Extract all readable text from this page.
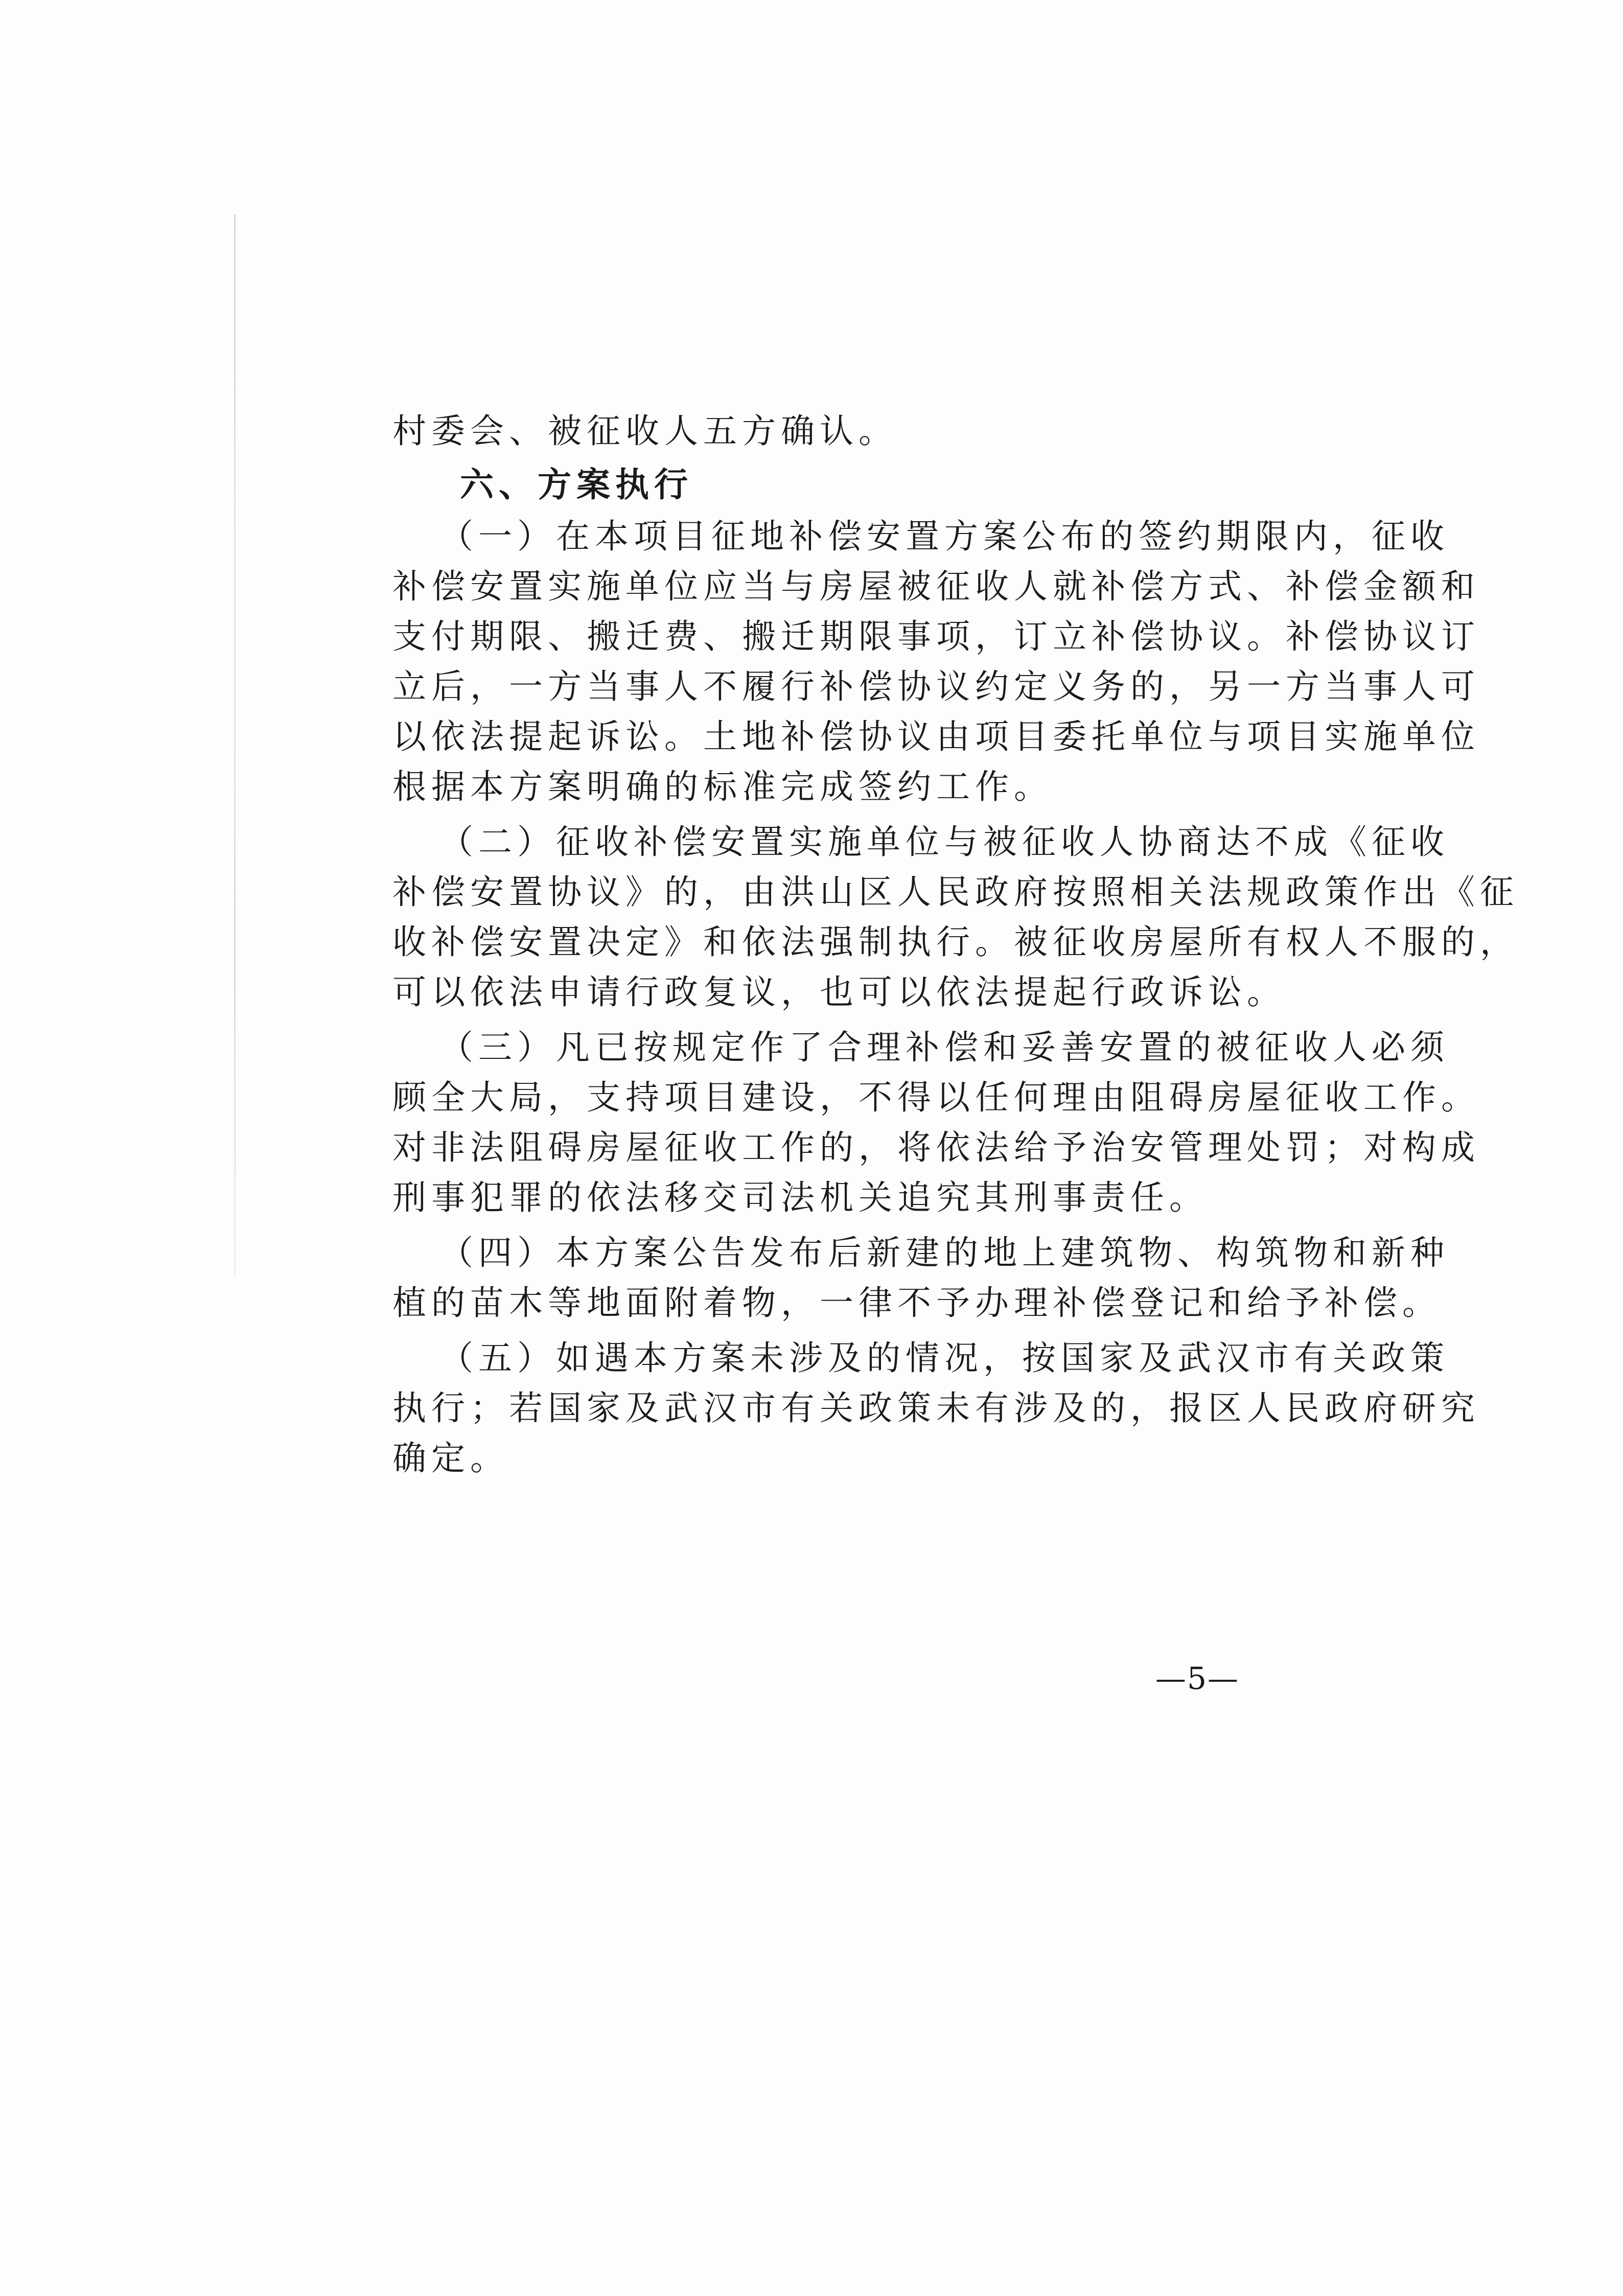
村委会、被征收人五方确认。
六、方案执行
（一）在本项目征地补偿安置方案公布的签约期限内，征收
补偿安置实施单位应当与房屋被征收人就补偿方式、补偿金额和
支付期限、搬迁费、搬迁期限事项，订立补偿协议。补偿协议订
立后，一方当事人不履行补偿协议约定义务的，另一方当事人可
以依法提起诉讼。土地补偿协议由项目委托单位与项目实施单位
根据本方案明确的标准完成签约工作。
（二）征收补偿安置实施单位与被征收人协商达不成《征收
补偿安置协议》的，由洪山区人民政府按照相关法规政策作出《征
收补偿安置决定》和依法强制执行。被征收房屋所有权人不服的，
可以依法申请行政复议，也可以依法提起行政诉讼。
（三）凡已按规定作了合理补偿和妥善安置的被征收人必须
顾全大局，支持项目建设，不得以任何理由阻碍房屋征收工作。
对非法阻碍房屋征收工作的，将依法给予治安管理处罚；对构成
刑事犯罪的依法移交司法机关追究其刑事责任。
（四）本方案公告发布后新建的地上建筑物、构筑物和新种
植的苗木等地面附着物，一律不予办理补偿登记和给予补偿。
（五）如遇本方案未涉及的情况，按国家及武汉市有关政策
执行；若国家及武汉市有关政策未有涉及的，报区人民政府研究
确定。
—5—
